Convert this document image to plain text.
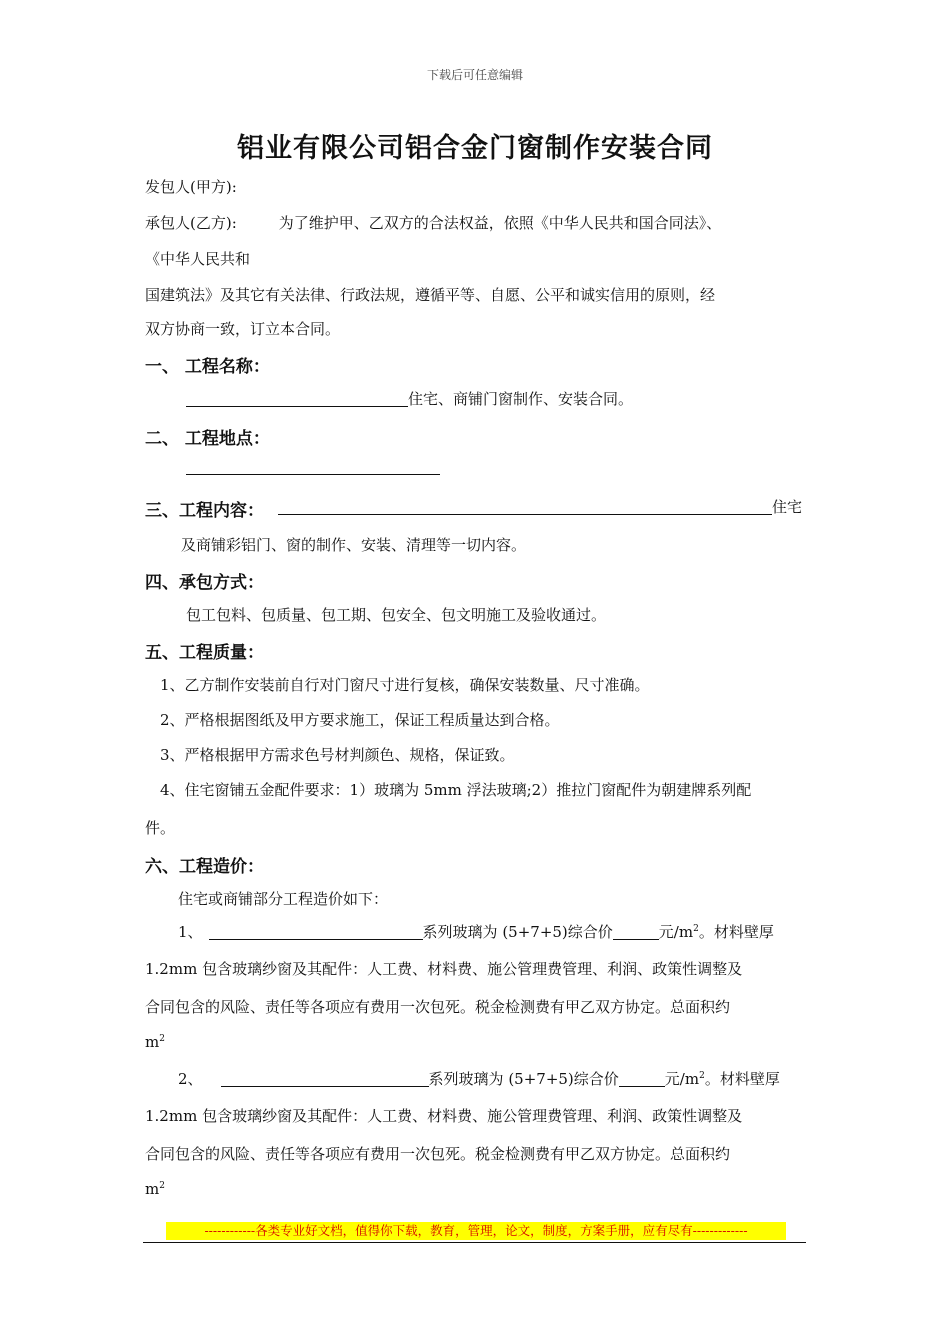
下载后可任意编辑
铝业有限公司铝合金门窗制作安装合同
发包人(甲方):
承包人(乙方):	为了维护甲、乙双方的合法权益，依照《中华人民共和国合同法》、
《中华人民共和
国建筑法》及其它有关法律、行政法规，遵循平等、自愿、公平和诚实信用的原则，经
双方协商一致，订立本合同。
一、 工程名称：
住宅、商铺门窗制作、安装合同。
二、 工程地点：
三、工程内容：	住宅
及商铺彩铝门、窗的制作、安装、清理等一切内容。
四、承包方式：
包工包料、包质量、包工期、包安全、包文明施工及验收通过。
五、工程质量：
1、乙方制作安装前自行对门窗尺寸进行复核，确保安装数量、尺寸准确。
2、严格根据图纸及甲方要求施工，保证工程质量达到合格。
3、严格根据甲方需求色号材判颜色、规格，保证致。
4、住宅窗铺五金配件要求：1）玻璃为 5mm 浮法玻璃;2）推拉门窗配件为朝建牌系列配
件。
六、工程造价：
住宅或商铺部分工程造价如下：
1、	系列玻璃为 (5+7+5)综合价	元$/m^2$。材料壁厚
1.2mm 包含玻璃纱窗及其配件：人工费、材料费、施公管理费管理、利润、政策性调整及
合同包含的风险、责任等各项应有费用一次包死。税金检测费有甲乙双方协定。总面积约
$m^2$
2、	系列玻璃为 (5+7+5)综合价	元$/m^2$。材料壁厚
1.2mm 包含玻璃纱窗及其配件：人工费、材料费、施公管理费管理、利润、政策性调整及
合同包含的风险、责任等各项应有费用一次包死。税金检测费有甲乙双方协定。总面积约
$m^2$
------------各类专业好文档，值得你下载，教育，管理，论文，制度，方案手册，应有尽有-------------
